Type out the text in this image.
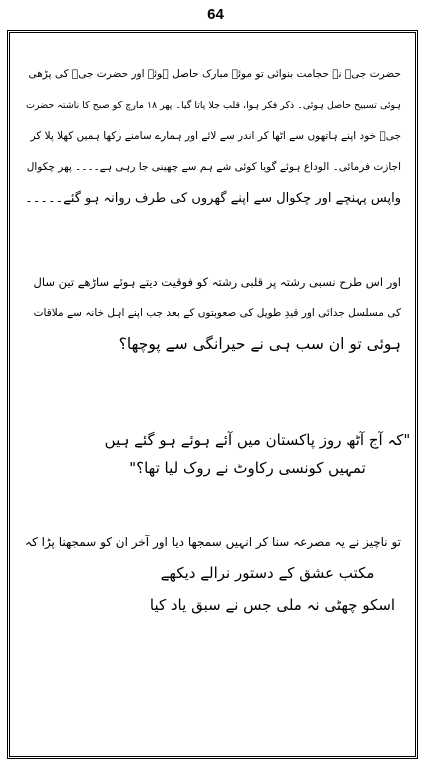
64
حضرت جیؒ نے حجامت بنوائی تو موئے مبارک حاصل ہوئے اور حضرت جیؒ کی پڑھی
ہوئی تسبیح حاصل ہوئی۔ ذکر فکر ہوا، قلب جلا پاتا گیا۔ پھر ۱۸ مارچ کو صبح کا ناشتہ حضرت
جیؒ خود اپنے ہاتھوں سے اٹھا کر اندر سے لائے اور ہمارے سامنے رکھا ہمیں کھلا پلا کر
اجازت فرمائی۔ الوداع ہوئے گویا کوئی شے ہم سے چھینی جا رہی ہے۔۔۔۔ پھر چکوال
واپس پہنچے اور چکوال سے اپنے گھروں کی طرف روانہ ہو گئے۔۔۔۔۔
اور اس طرح نسبی رشتہ پر قلبی رشتہ کو فوقیت دیتے ہوئے ساڑھے تین سال
کی مسلسل جدائی اور قیدِ طویل کی صعوبتوں کے بعد جب اپنے اہل خانہ سے ملاقات
ہوئی تو ان سب ہی نے حیرانگی سے پوچھا؟
"کہ آج آٹھ روز پاکستان میں آئے ہوئے ہو گئے ہیں
تمہیں کونسی رکاوٹ نے روک لیا تھا؟"
تو ناچیز نے یہ مصرعہ سنا کر انہیں سمجھا دیا اور آخر ان کو سمجھنا پڑا کہ
مکتب عشق کے دستور نرالے دیکھے
اسکو چھٹی نہ ملی جس نے سبق یاد کیا
